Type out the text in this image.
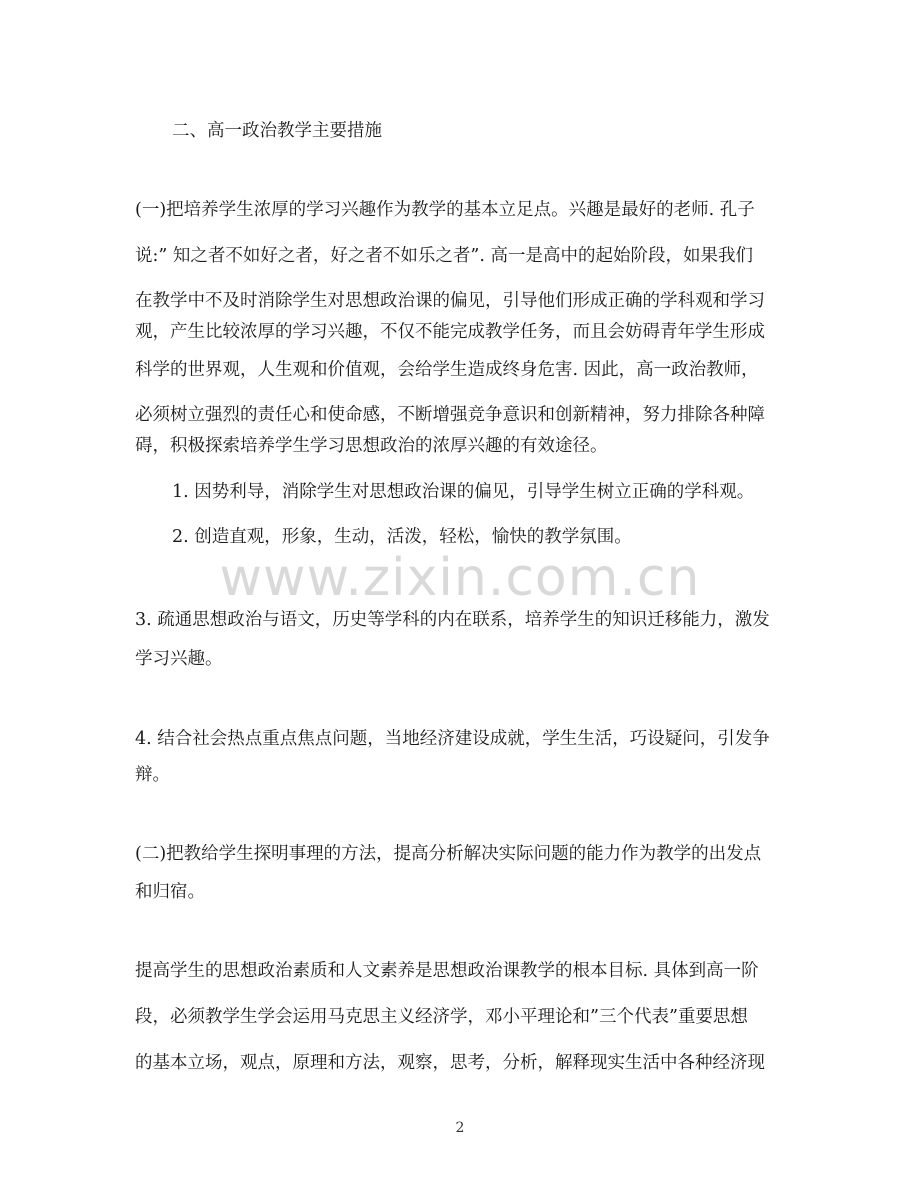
二、高一政治教学主要措施
(一)把培养学生浓厚的学习兴趣作为教学的基本立足点。兴趣是最好的老师. 孔子
说:” 知之者不如好之者，好之者不如乐之者”. 高一是高中的起始阶段，如果我们
在教学中不及时消除学生对思想政治课的偏见，引导他们形成正确的学科观和学习
观，产生比较浓厚的学习兴趣，不仅不能完成教学任务，而且会妨碍青年学生形成
科学的世界观，人生观和价值观，会给学生造成终身危害. 因此，高一政治教师，
必须树立强烈的责任心和使命感，不断增强竞争意识和创新精神，努力排除各种障
碍，积极探索培养学生学习思想政治的浓厚兴趣的有效途径。
1. 因势利导，消除学生对思想政治课的偏见，引导学生树立正确的学科观。
2. 创造直观，形象，生动，活泼，轻松，愉快的教学氛围。
3. 疏通思想政治与语文，历史等学科的内在联系，培养学生的知识迁移能力，激发
学习兴趣。
4. 结合社会热点重点焦点问题，当地经济建设成就，学生生活，巧设疑问，引发争
辩。
(二)把教给学生探明事理的方法，提高分析解决实际问题的能力作为教学的出发点
和归宿。
提高学生的思想政治素质和人文素养是思想政治课教学的根本目标. 具体到高一阶
段，必须教学生学会运用马克思主义经济学，邓小平理论和”三个代表”重要思想
的基本立场，观点，原理和方法，观察，思考，分析，解释现实生活中各种经济现
www.zixin.com.cn
2
